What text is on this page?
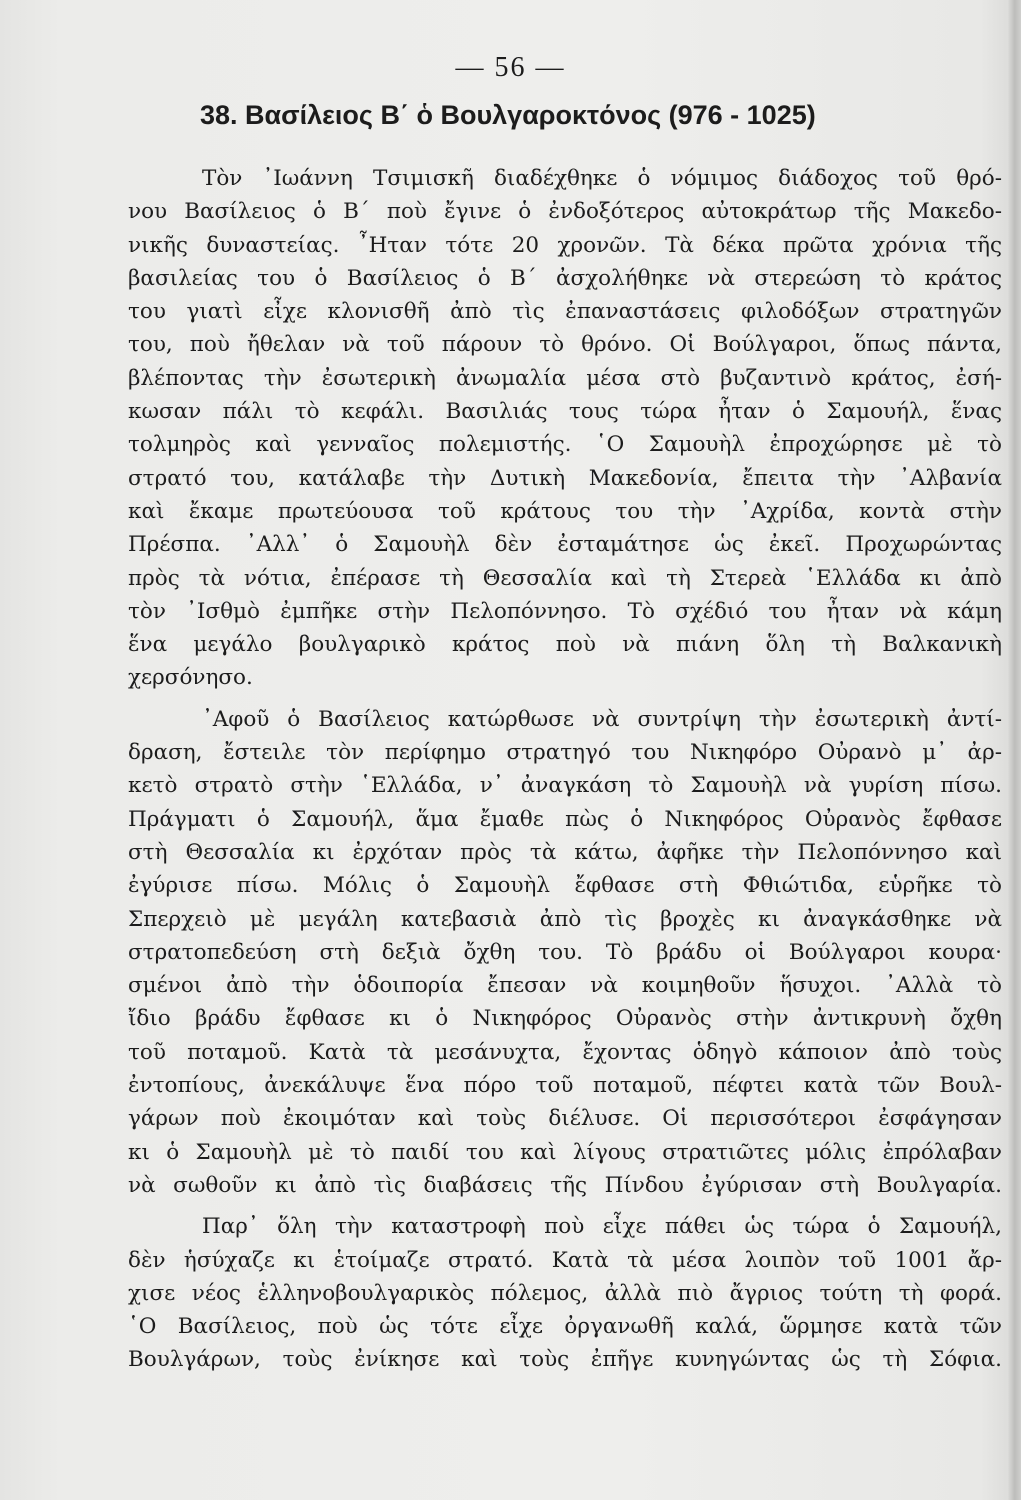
— 56 —
38. Βασίλειος Β΄ ὁ Βουλγαροκτόνος (976 - 1025)
Τὸν ᾿Ιωάννη Τσιμισκῆ διαδέχθηκε ὁ νόμιμος διάδοχος τοῦ θρό-
νου Βασίλειος ὁ Β΄ ποὺ ἔγινε ὁ ἐνδοξότερος αὐτοκράτωρ τῆς Μακεδο-
νικῆς δυναστείας. ῏Ηταν τότε 20 χρονῶν. Τὰ δέκα πρῶτα χρόνια τῆς
βασιλείας του ὁ Βασίλειος ὁ Β΄ ἀσχολήθηκε νὰ στερεώση τὸ κράτος
του γιατὶ εἶχε κλονισθῆ ἀπὸ τὶς ἐπαναστάσεις φιλοδόξων στρατηγῶν
του, ποὺ ἤθελαν νὰ τοῦ πάρουν τὸ θρόνο. Οἱ Βούλγαροι, ὅπως πάντα,
βλέποντας τὴν ἐσωτερικὴ ἀνωμαλία μέσα στὸ βυζαντινὸ κράτος, ἐσή-
κωσαν πάλι τὸ κεφάλι. Βασιλιάς τους τώρα ἦταν ὁ Σαμουήλ, ἕνας
τολμηρὸς καὶ γενναῖος πολεμιστής. ῾Ο Σαμουὴλ ἐπροχώρησε μὲ τὸ
στρατό του, κατάλαβε τὴν Δυτικὴ Μακεδονία, ἔπειτα τὴν ᾿Αλβανία
καὶ ἔκαμε πρωτεύουσα τοῦ κράτους του τὴν ᾿Αχρίδα, κοντὰ στὴν
Πρέσπα. ᾿Αλλ᾿ ὁ Σαμουὴλ δὲν ἐσταμάτησε ὡς ἐκεῖ. Προχωρώντας
πρὸς τὰ νότια, ἐπέρασε τὴ Θεσσαλία καὶ τὴ Στερεὰ ῾Ελλάδα κι ἀπὸ
τὸν ᾿Ισθμὸ ἐμπῆκε στὴν Πελοπόννησο. Τὸ σχέδιό του ἦταν νὰ κάμη
ἕνα μεγάλο βουλγαρικὸ κράτος ποὺ νὰ πιάνη ὅλη τὴ Βαλκανικὴ
χερσόνησο.
᾿Αφοῦ ὁ Βασίλειος κατώρθωσε νὰ συντρίψη τὴν ἐσωτερικὴ ἀντί-
δραση, ἔστειλε τὸν περίφημο στρατηγό του Νικηφόρο Οὐρανὸ μ᾿ ἀρ-
κετὸ στρατὸ στὴν ῾Ελλάδα, ν᾿ ἀναγκάση τὸ Σαμουὴλ νὰ γυρίση πίσω.
Πράγματι ὁ Σαμουήλ, ἅμα ἔμαθε πὼς ὁ Νικηφόρος Οὐρανὸς ἔφθασε
στὴ Θεσσαλία κι ἐρχόταν πρὸς τὰ κάτω, ἀφῆκε τὴν Πελοπόννησο καὶ
ἐγύρισε πίσω. Μόλις ὁ Σαμουὴλ ἔφθασε στὴ Φθιώτιδα, εὑρῆκε τὸ
Σπερχειὸ μὲ μεγάλη κατεβασιὰ ἀπὸ τὶς βροχὲς κι ἀναγκάσθηκε νὰ
στρατοπεδεύση στὴ δεξιὰ ὄχθη του. Τὸ βράδυ οἱ Βούλγαροι κουρα·
σμένοι ἀπὸ τὴν ὁδοιπορία ἔπεσαν νὰ κοιμηθοῦν ἥσυχοι. ᾿Αλλὰ τὸ
ἴδιο βράδυ ἔφθασε κι ὁ Νικηφόρος Οὐρανὸς στὴν ἀντικρυνὴ ὄχθη
τοῦ ποταμοῦ. Κατὰ τὰ μεσάνυχτα, ἔχοντας ὁδηγὸ κάποιον ἀπὸ τοὺς
ἐντοπίους, ἀνεκάλυψε ἕνα πόρο τοῦ ποταμοῦ, πέφτει κατὰ τῶν Βουλ-
γάρων ποὺ ἐκοιμόταν καὶ τοὺς διέλυσε. Οἱ περισσότεροι ἐσφάγησαν
κι ὁ Σαμουὴλ μὲ τὸ παιδί του καὶ λίγους στρατιῶτες μόλις ἐπρόλαβαν
νὰ σωθοῦν κι ἀπὸ τὶς διαβάσεις τῆς Πίνδου ἐγύρισαν στὴ Βουλγαρία.
Παρ᾿ ὅλη τὴν καταστροφὴ ποὺ εἶχε πάθει ὡς τώρα ὁ Σαμουήλ,
δὲν ἡσύχαζε κι ἑτοίμαζε στρατό. Κατὰ τὰ μέσα λοιπὸν τοῦ 1001 ἄρ-
χισε νέος ἑλληνοβουλγαρικὸς πόλεμος, ἀλλὰ πιὸ ἄγριος τούτη τὴ φορά.
῾Ο Βασίλειος, ποὺ ὡς τότε εἶχε ὀργανωθῆ καλά, ὥρμησε κατὰ τῶν
Βουλγάρων, τοὺς ἐνίκησε καὶ τοὺς ἐπῆγε κυνηγώντας ὡς τὴ Σόφια.
